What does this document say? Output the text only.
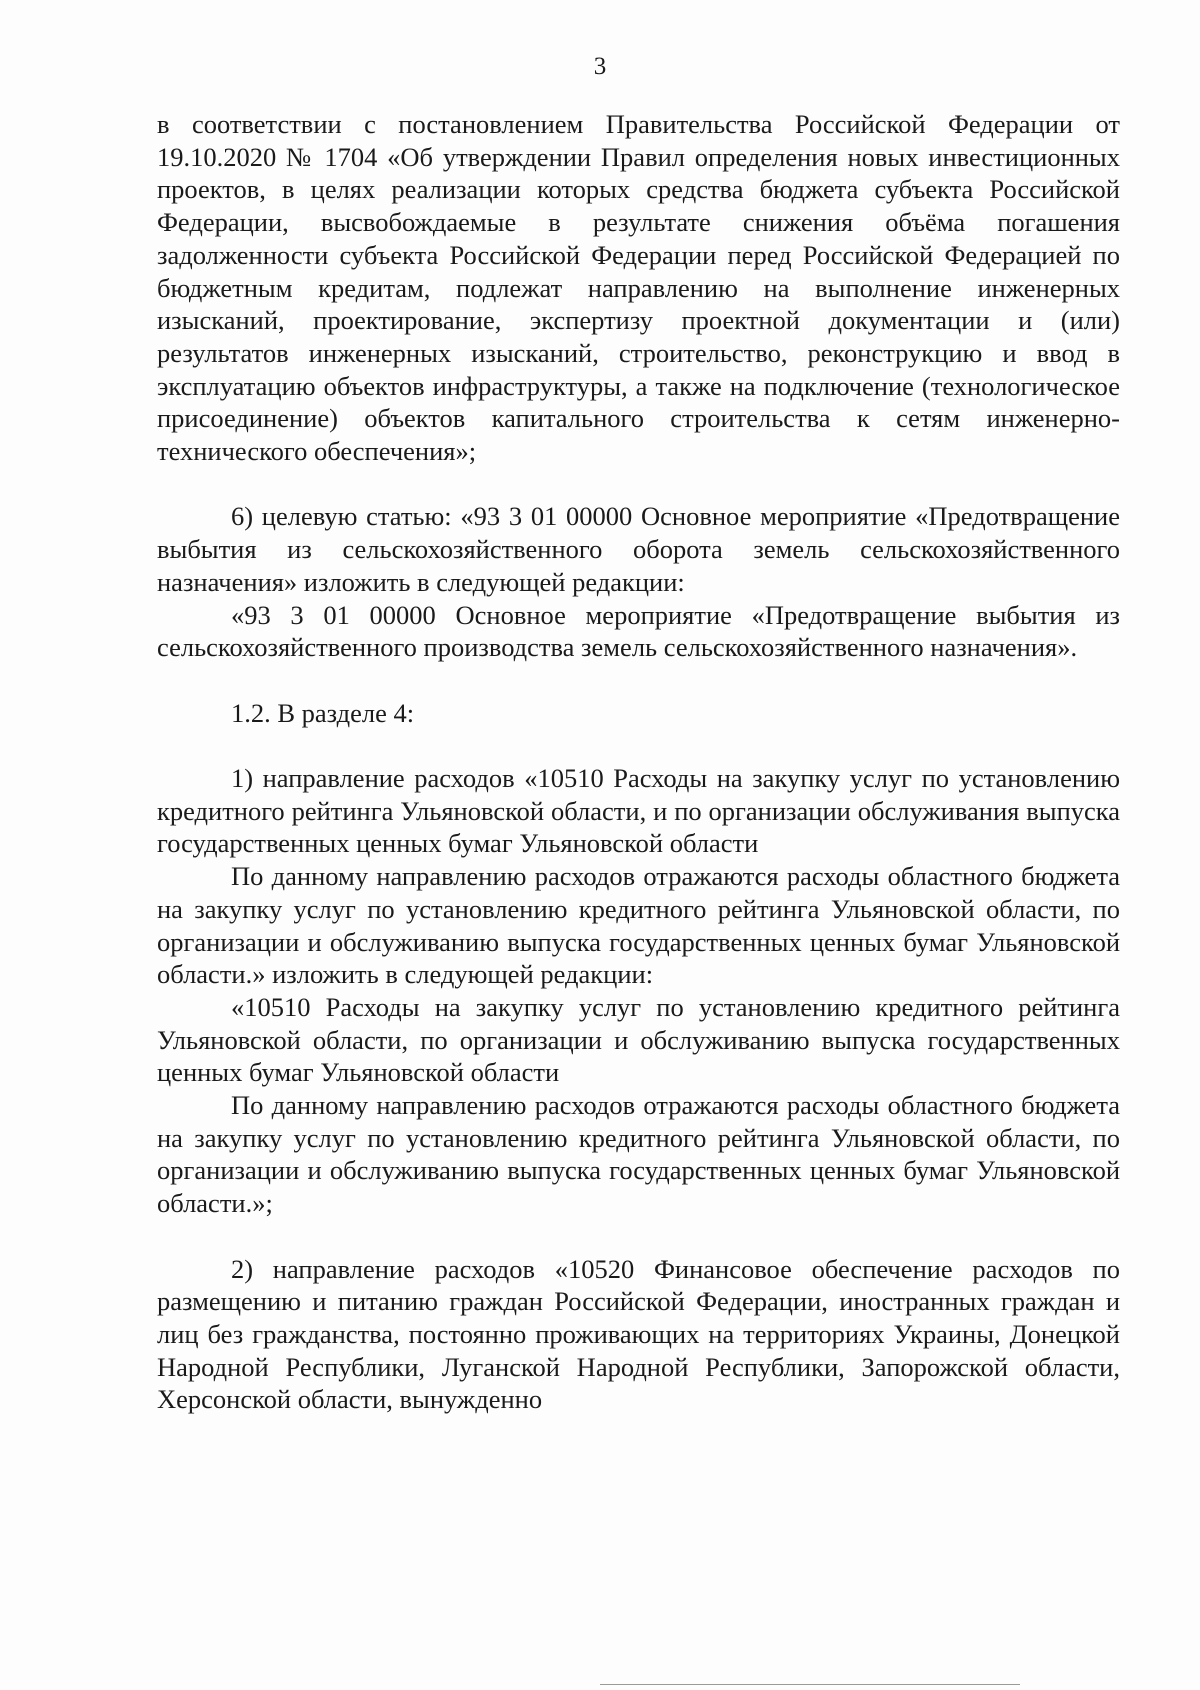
3

в соответствии с постановлением Правительства Российской Федерации от 19.10.2020 № 1704 «Об утверждении Правил определения новых инвестиционных проектов, в целях реализации которых средства бюджета субъекта Российской Федерации, высвобождаемые в результате снижения объёма погашения задолженности субъекта Российской Федерации перед Российской Федерацией по бюджетным кредитам, подлежат направлению на выполнение инженерных изысканий, проектирование, экспертизу проектной документации и (или) результатов инженерных изысканий, строительство, реконструкцию и ввод в эксплуатацию объектов инфраструктуры, а также на подключение (технологическое присоединение) объектов капитального строительства к сетям инженерно-технического обеспечения»;

6) целевую статью: «93 3 01 00000 Основное мероприятие «Предотвращение выбытия из сельскохозяйственного оборота земель сельскохозяйственного назначения» изложить в следующей редакции:

«93 3 01 00000 Основное мероприятие «Предотвращение выбытия из сельскохозяйственного производства земель сельскохозяйственного назначения».

1.2. В разделе 4:

1) направление расходов «10510 Расходы на закупку услуг по установлению кредитного рейтинга Ульяновской области, и по организации обслуживания выпуска государственных ценных бумаг Ульяновской области

По данному направлению расходов отражаются расходы областного бюджета на закупку услуг по установлению кредитного рейтинга Ульяновской области, по организации и обслуживанию выпуска государственных ценных бумаг Ульяновской области.» изложить в следующей редакции:

«10510 Расходы на закупку услуг по установлению кредитного рейтинга Ульяновской области, по организации и обслуживанию выпуска государственных ценных бумаг Ульяновской области

По данному направлению расходов отражаются расходы областного бюджета на закупку услуг по установлению кредитного рейтинга Ульяновской области, по организации и обслуживанию выпуска государственных ценных бумаг Ульяновской области.»;

2) направление расходов «10520 Финансовое обеспечение расходов по размещению и питанию граждан Российской Федерации, иностранных граждан и лиц без гражданства, постоянно проживающих на территориях Украины, Донецкой Народной Республики, Луганской Народной Республики, Запорожской области, Херсонской области, вынужденно
